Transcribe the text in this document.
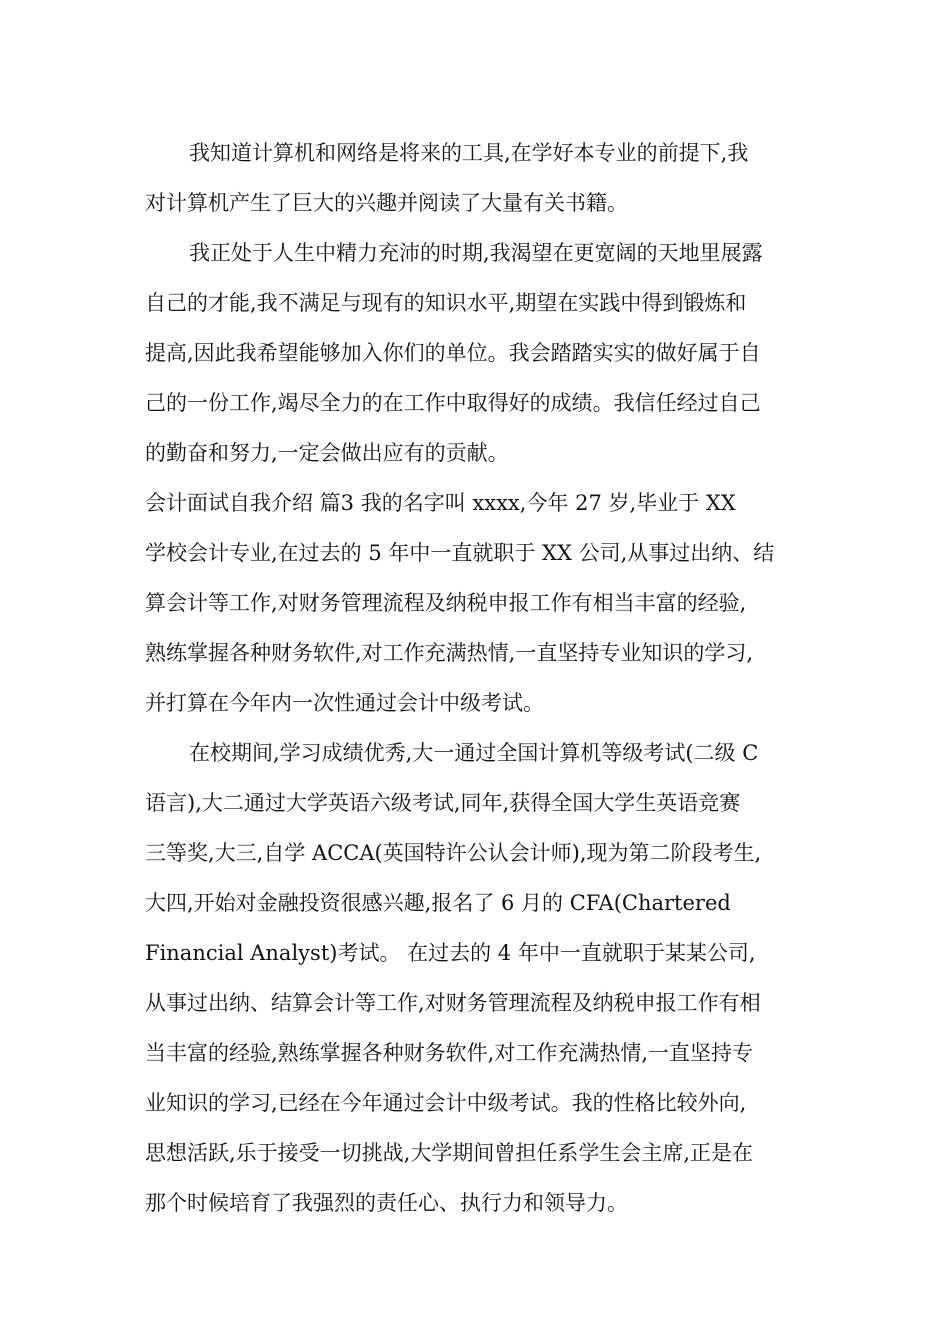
我知道计算机和网络是将来的工具,在学好本专业的前提下,我
对计算机产生了巨大的兴趣并阅读了大量有关书籍。
我正处于人生中精力充沛的时期,我渴望在更宽阔的天地里展露
自己的才能,我不满足与现有的知识水平,期望在实践中得到锻炼和
提高,因此我希望能够加入你们的单位。我会踏踏实实的做好属于自
己的一份工作,竭尽全力的在工作中取得好的成绩。我信任经过自己
的勤奋和努力,一定会做出应有的贡献。
会计面试自我介绍 篇3 我的名字叫 xxxx,今年 27 岁,毕业于 XX
学校会计专业,在过去的 5 年中一直就职于 XX 公司,从事过出纳、结
算会计等工作,对财务管理流程及纳税申报工作有相当丰富的经验,
熟练掌握各种财务软件,对工作充满热情,一直坚持专业知识的学习,
并打算在今年内一次性通过会计中级考试。
在校期间,学习成绩优秀,大一通过全国计算机等级考试(二级 C
语言),大二通过大学英语六级考试,同年,获得全国大学生英语竞赛
三等奖,大三,自学 ACCA(英国特许公认会计师),现为第二阶段考生,
大四,开始对金融投资很感兴趣,报名了 6 月的 CFA(Chartered
Financial Analyst)考试。 在过去的 4 年中一直就职于某某公司,
从事过出纳、结算会计等工作,对财务管理流程及纳税申报工作有相
当丰富的经验,熟练掌握各种财务软件,对工作充满热情,一直坚持专
业知识的学习,已经在今年通过会计中级考试。我的性格比较外向,
思想活跃,乐于接受一切挑战,大学期间曾担任系学生会主席,正是在
那个时候培育了我强烈的责任心、执行力和领导力。
